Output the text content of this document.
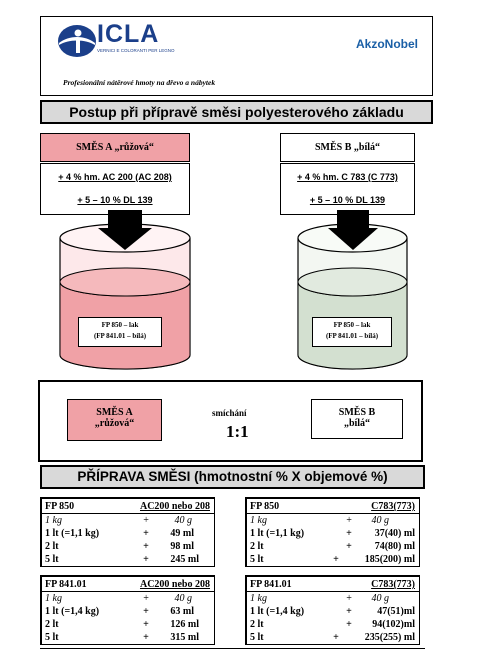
ICLA
VERNICI E COLORANTI PER LEGNO	AkzoNobel
Profesionální nátěrové hmoty na dřevo a nábytek
Postup při přípravě směsi polyesterového základu
SMĚS A „růžová“
+ 4 % hm. AC 200 (AC 208)
+ 5 – 10 % DL 139
SMĚS B „bílá“
+ 4 % hm. C 783 (C 773)
+ 5 – 10 % DL 139
FP 850 – lak
(FP 841.01 – bílá)
FP 850 – lak
(FP 841.01 – bílá)
SMĚS A
„růžová“
smíchání
1:1
SMĚS B
„bílá“
PŘÍPRAVA SMĚSI (hmotnostní % X objemové %)
FP 850	AC200 nebo 208
1 kg	+	40 g
1 lt (=1,1 kg)	+	49 ml
2 lt	+	98 ml
5 lt	+	245 ml
FP 850	C783(773)
1 kg	+	40 g
1 lt (=1,1 kg)	+	37(40) ml
2 lt	+	74(80) ml
5 lt	+	185(200) ml
FP 841.01	AC200 nebo 208
1 kg	+	40 g
1 lt (=1,4 kg)	+	63 ml
2 lt	+	126 ml
5 lt	+	315 ml
FP 841.01	C783(773)
1 kg	+	40 g
1 lt (=1,4 kg)	+	47(51)ml
2 lt	+	94(102)ml
5 lt	+	235(255) ml
